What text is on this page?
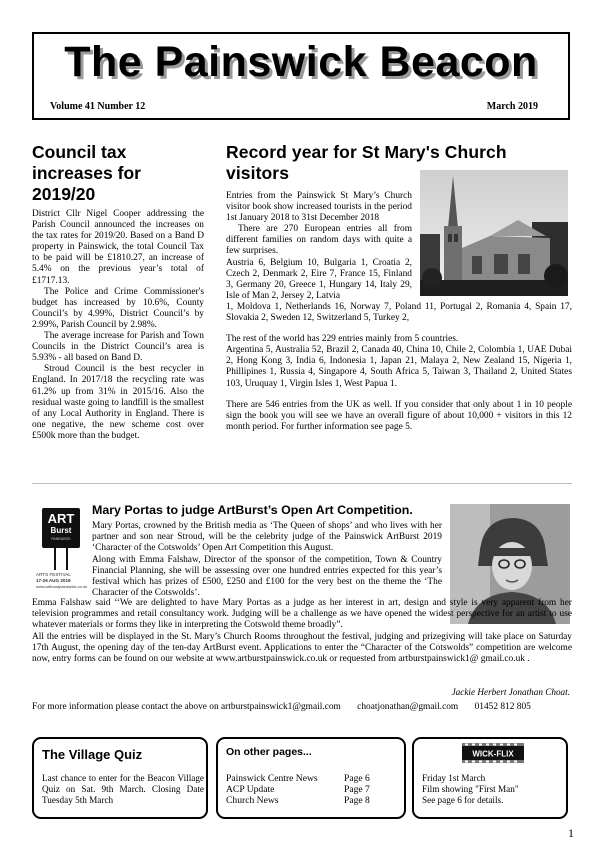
The Painswick Beacon
Volume 41 Number 12	March 2019
Council tax increases for 2019/20

District Cllr Nigel Cooper addressing the Parish Council announced the increases on the tax rates for 2019/20. Based on a Band D property in Painswick, the total Council Tax to be paid will be £1810.27, an increase of 5.4% on the previous year’s total of £1717.13.

The Police and Crime Commissioner's budget has increased by 10.6%, County Council’s by 4.99%, District Council’s by 2.99%, Parish Council by 2.98%.

The average increase for Parish and Town Councils in the District Council’s area is 5.93% - all based on Band D.

Stroud Council is the best recycler in England. In 2017/18 the recycling rate was 61.2% up from 31% in 2015/16. Also the residual waste going to landfill is the smallest of any Local Authority in England. There is one negative, the new scheme cost over £500k more than the budget.

Record year for St Mary's Church visitors

Entries from the Painswick St Mary’s Church visitor book show increased tourists in the period 1st January 2018 to 31st December 2018

There are 270 European entries all from different families on random days with quite a few surprises.

Austria 6, Belgium 10, Bulgaria 1, Croatia 2, Czech 2, Denmark 2, Eire 7, France 15, Finland 3, Germany 20, Greece 1, Hungary 14, Italy 29, Isle of Man 2, Jersey 2, Latvia

1, Moldova 1, Netherlands 16, Norway 7, Poland 11, Portugal 2, Romania 4, Spain 17, Slovakia 2, Sweden 12, Switzerland 5, Turkey 2,

The rest of the world has 229 entries mainly from 5 countries.

Argentina 5, Australia 52, Brazil 2, Canada 40, China 10, Chile 2, Colombia 1, UAE Dubai 2, Hong Kong 3, India 6, Indonesia 1, Japan 21, Malaya 2, New Zealand 15, Nigeria 1, Phillipines 1, Russia 4, Singapore 4, South Africa 5, Taiwan 3, Thailand 2, United States 103, Uruquay 1, Virgin Isles 1, West Papua 1.

There are 546 entries from the UK as well. If you consider that only about 1 in 10 people sign the book you will see we have an overall figure of about 10,000 + visitors in this 12 month period. For further information see page 5.

ART
Burst
PAINSWICK
ARTS FESTIVAL
17-26 AUG 2019
www.artburstpainswick.co.uk
Mary Portas to judge ArtBurst’s Open Art Competition.

Mary Portas, crowned by the British media as ‘The Queen of shops’ and who lives with her partner and son near Stroud, will be the celebrity judge of the Painswick ArtBurst 2019 ‘Character of the Cotswolds’ Open Art Competition this August.

Along with Emma Falshaw, Director of the sponsor of the competition, Town & Country Financial Planning, she will be assessing over one hundred entries expected for this year’s festival which has prizes of £500, £250 and £100 for the very best on the theme the ‘The Character of the Cotswolds’.

Emma Falshaw said ‘‘We are delighted to have Mary Portas as a judge as her interest in art, design and style is very apparent from her television programmes and retail consultancy work. Judging will be a challenge as we have opened the widest perspective for an artist to use whatever materials or forms they like in interpreting the Cotswold theme broadly”.

All the entries will be displayed in the St. Mary’s Church Rooms throughout the festival, judging and prizegiving will take place on Saturday 17th August, the opening day of the ten-day ArtBurst event. Applications to enter the “Character of the Cotswolds” competition are welcome now, entry forms can be found on our website at www.artburstpainswick.co.uk or requested from artburstpainswick1@ gmail.co.uk .

Jackie Herbert Jonathan Choat.
For more information please contact the above on artburstpainswick1@gmail.com choatjonathan@gmail.com 01452 812 805
The Village Quiz
Last chance to enter for the Beacon Village Quiz on Sat. 9th March. Closing Date Tuesday 5th March
On other pages...
Painswick Centre News	Page 6
ACP Update	Page 7
Church News	Page 8
WICK-FLIX
Friday 1st March
Film showing "First Man"
See page 6 for details.
1
